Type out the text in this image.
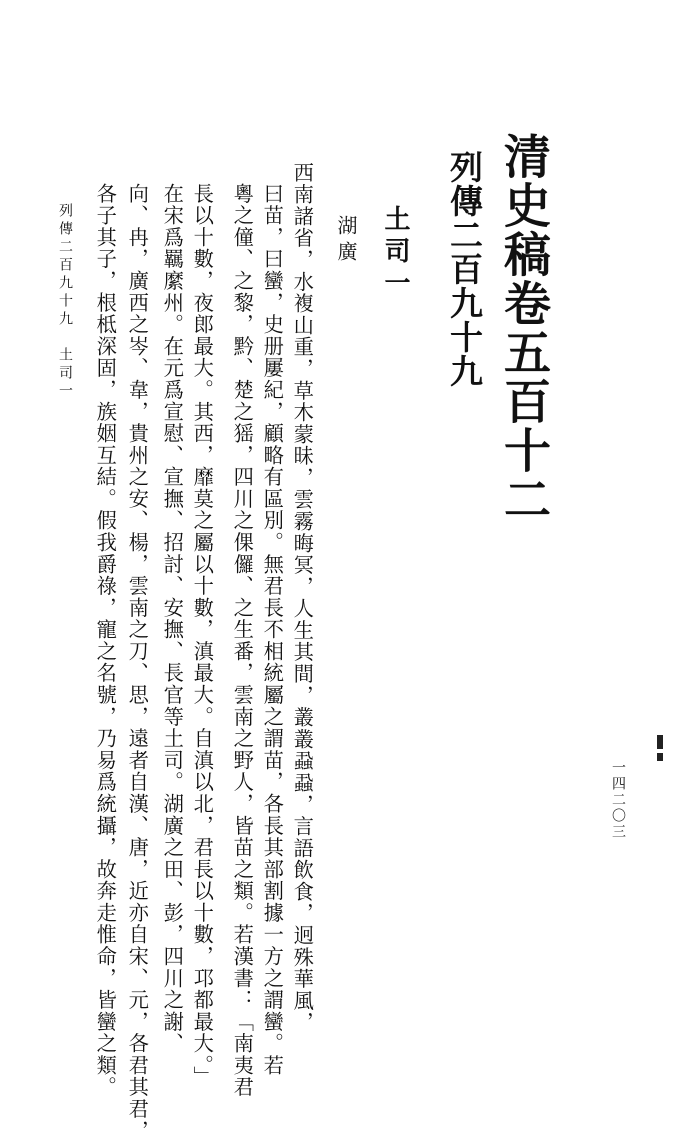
清史稿卷五百十二
列傳二百九十九
土司一
湖廣
西南諸省，水複山重，草木蒙昧，雲霧晦冥，人生其間，叢叢蝨蝨，言語飲食，迥殊華風，
曰苗，曰蠻，史册屢紀，顧略有區別。無君長不相統屬之謂苗，各長其部割據一方之謂蠻。若
粵之僮、之黎，黔、楚之猺，四川之倮儸、之生番，雲南之野人，皆苗之類。若漢書：「南夷君
長以十數，夜郎最大。其西，靡莫之屬以十數，滇最大。自滇以北，君長以十數，邛都最大。」
在宋爲羈縻州。在元爲宣慰、宣撫、招討、安撫、長官等土司。湖廣之田、彭，四川之謝、
向、冉，廣西之岑、韋，貴州之安、楊，雲南之刀、思，遠者自漢、唐，近亦自宋、元，各君其君，
各子其子，根柢深固，族姻互結。假我爵祿，寵之名號，乃易爲統攝，故奔走惟命，皆蠻之類。
列傳二百九十九　土司一
一四二〇三
